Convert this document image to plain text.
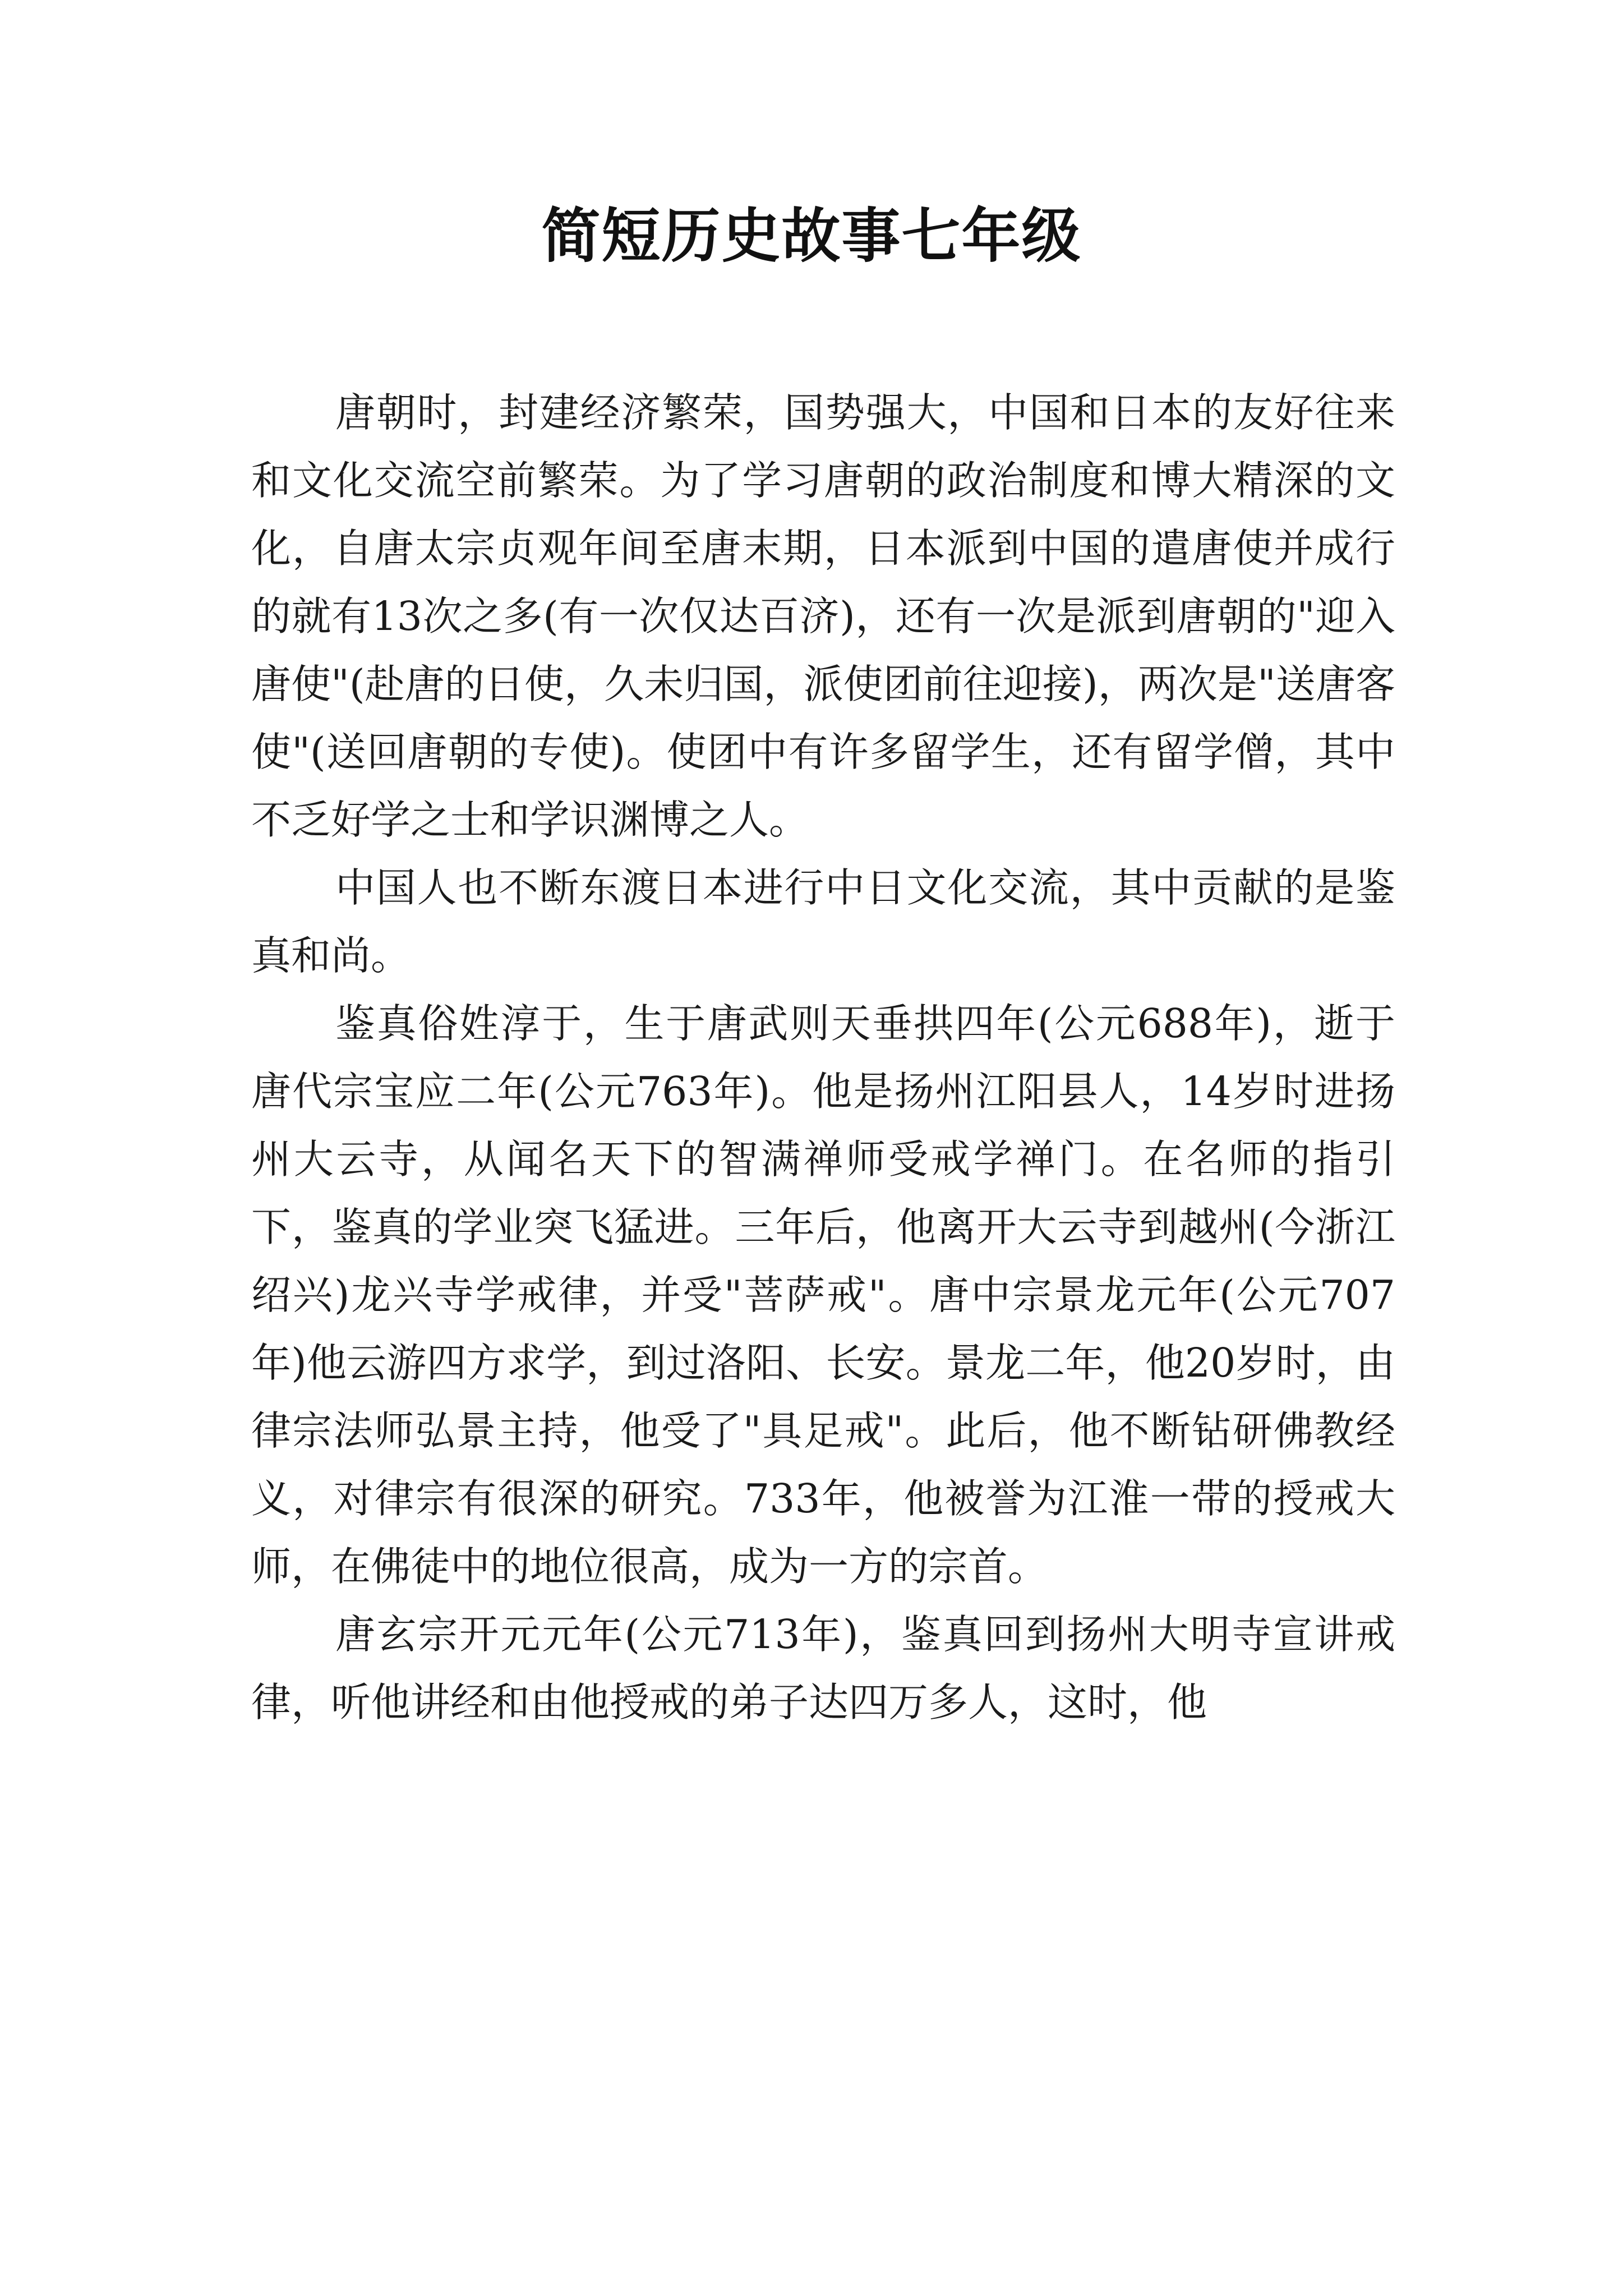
简短历史故事七年级

唐朝时，封建经济繁荣，国势强大，中国和日本的友好往来和文化交流空前繁荣。为了学习唐朝的政治制度和博大精深的文化，自唐太宗贞观年间至唐末期，日本派到中国的遣唐使并成行的就有13次之多(有一次仅达百济)，还有一次是派到唐朝的"迎入唐使"(赴唐的日使，久未归国，派使团前往迎接)，两次是"送唐客使"(送回唐朝的专使)。使团中有许多留学生，还有留学僧，其中不乏好学之士和学识渊博之人。

中国人也不断东渡日本进行中日文化交流，其中贡献的是鉴真和尚。

鉴真俗姓淳于，生于唐武则天垂拱四年(公元688年)，逝于唐代宗宝应二年(公元763年)。他是扬州江阳县人，14岁时进扬州大云寺，从闻名天下的智满禅师受戒学禅门。在名师的指引下，鉴真的学业突飞猛进。三年后，他离开大云寺到越州(今浙江绍兴)龙兴寺学戒律，并受"菩萨戒"。唐中宗景龙元年(公元707年)他云游四方求学，到过洛阳、长安。景龙二年，他20岁时，由律宗法师弘景主持，他受了"具足戒"。此后，他不断钻研佛教经义，对律宗有很深的研究。733年，他被誉为江淮一带的授戒大师，在佛徒中的地位很高，成为一方的宗首。

唐玄宗开元元年(公元713年)，鉴真回到扬州大明寺宣讲戒律，听他讲经和由他授戒的弟子达四万多人，这时，他
